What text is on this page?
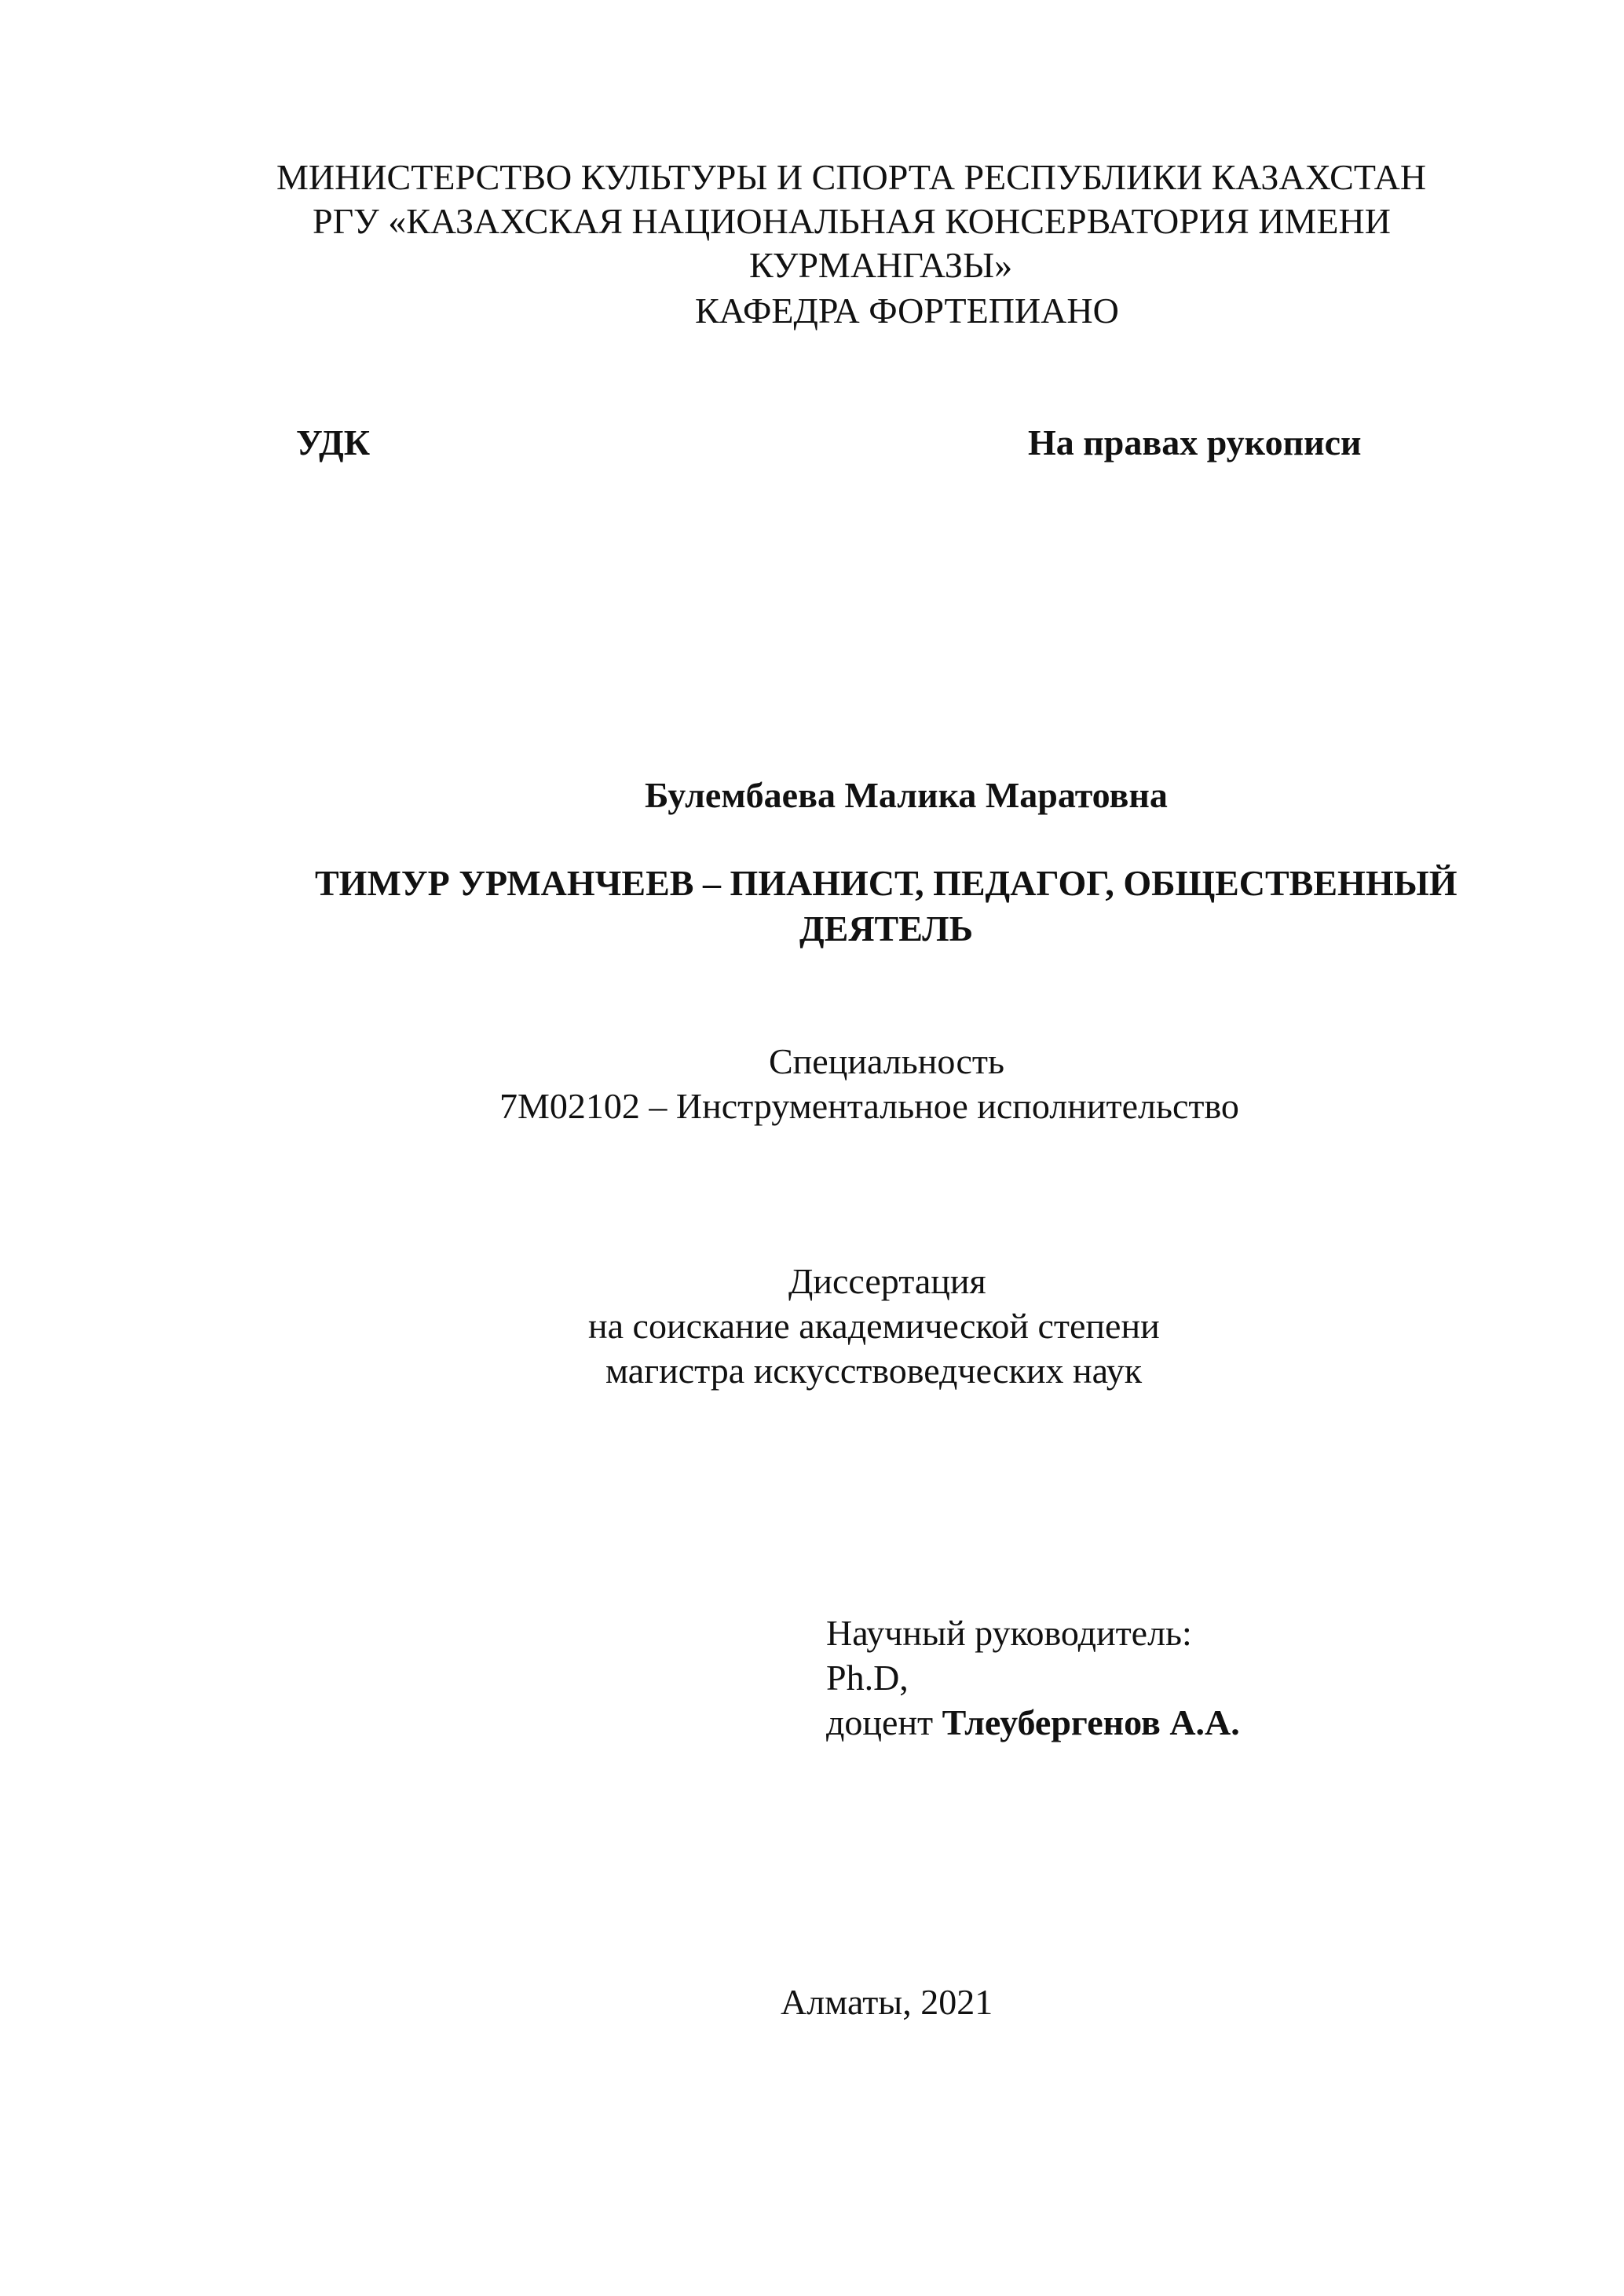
МИНИСТЕРСТВО КУЛЬТУРЫ И СПОРТА РЕСПУБЛИКИ КАЗАХСТАН
РГУ «КАЗАХСКАЯ НАЦИОНАЛЬНАЯ КОНСЕРВАТОРИЯ ИМЕНИ
КУРМАНГАЗЫ»
КАФЕДРА ФОРТЕПИАНО
УДК	На правах рукописи
Булембаева Малика Маратовна
ТИМУР УРМАНЧЕЕВ – ПИАНИСТ, ПЕДАГОГ, ОБЩЕСТВЕННЫЙ
ДЕЯТЕЛЬ
Специальность
7М02102 – Инструментальное исполнительство
Диссертация
на соискание академической степени
магистра искусствоведческих наук
Научный руководитель:
Ph.D,
доцент Тлеубергенов А.А.
Алматы, 2021
